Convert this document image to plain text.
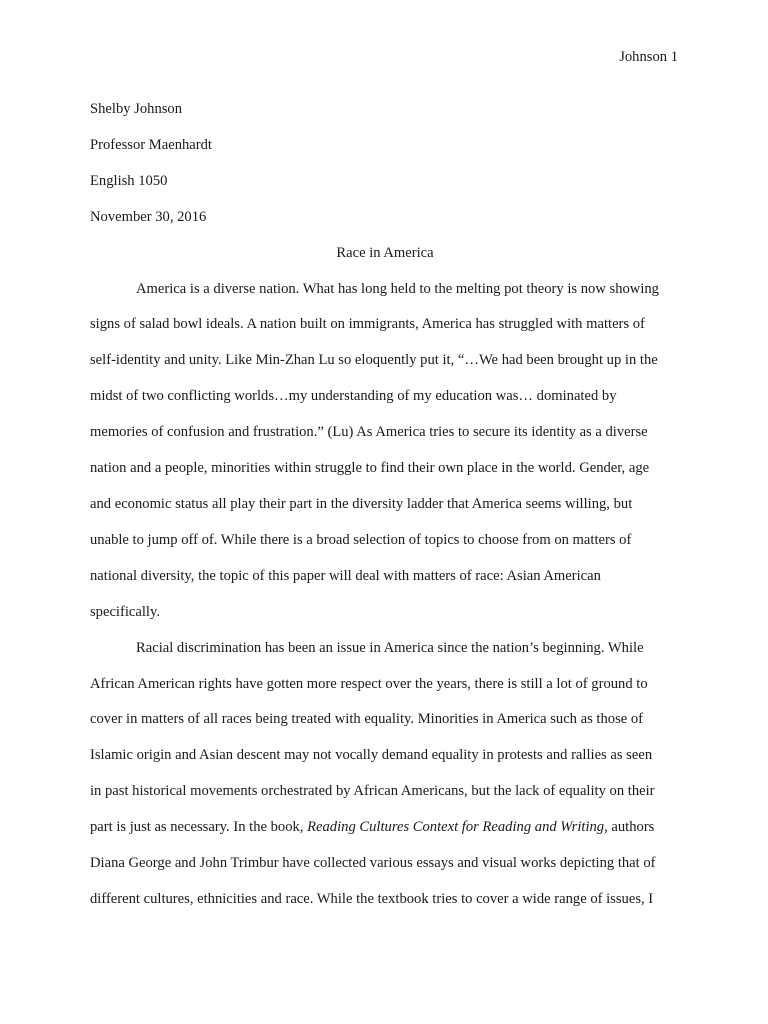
Johnson 1
Shelby Johnson
Professor Maenhardt
English 1050
November 30, 2016
Race in America
America is a diverse nation. What has long held to the melting pot theory is now showing
signs of salad bowl ideals. A nation built on immigrants, America has struggled with matters of
self-identity and unity. Like Min-Zhan Lu so eloquently put it, “…We had been brought up in the
midst of two conflicting worlds…my understanding of my education was… dominated by
memories of confusion and frustration.” (Lu) As America tries to secure its identity as a diverse
nation and a people, minorities within struggle to find their own place in the world. Gender, age
and economic status all play their part in the diversity ladder that America seems willing, but
unable to jump off of. While there is a broad selection of topics to choose from on matters of
national diversity, the topic of this paper will deal with matters of race: Asian American
specifically.
Racial discrimination has been an issue in America since the nation’s beginning. While
African American rights have gotten more respect over the years, there is still a lot of ground to
cover in matters of all races being treated with equality. Minorities in America such as those of
Islamic origin and Asian descent may not vocally demand equality in protests and rallies as seen
in past historical movements orchestrated by African Americans, but the lack of equality on their
part is just as necessary. In the book, Reading Cultures Context for Reading and Writing, authors
Diana George and John Trimbur have collected various essays and visual works depicting that of
different cultures, ethnicities and race. While the textbook tries to cover a wide range of issues, I
